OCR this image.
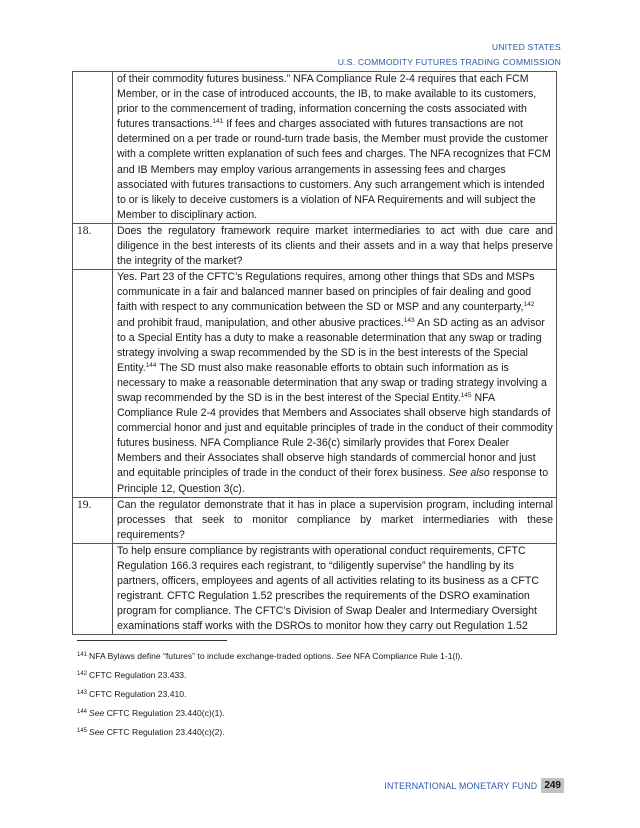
UNITED STATES
U.S. COMMODITY FUTURES TRADING COMMISSION
	of their commodity futures business.” NFA Compliance Rule 2-4 requires that each FCM Member, or in the case of introduced accounts, the IB, to make available to its customers, prior to the commencement of trading, information concerning the costs associated with futures transactions.$^{141}$ If fees and charges associated with futures transactions are not determined on a per trade or round-turn trade basis, the Member must provide the customer with a complete written explanation of such fees and charges. The NFA recognizes that FCM and IB Members may employ various arrangements in assessing fees and charges associated with futures transactions to customers. Any such arrangement which is intended to or is likely to deceive customers is a violation of NFA Requirements and will subject the Member to disciplinary action.
18.	Does the regulatory framework require market intermediaries to act with due care and diligence in the best interests of its clients and their assets and in a way that helps preserve the integrity of the market?
	Yes. Part 23 of the CFTC’s Regulations requires, among other things that SDs and MSPs communicate in a fair and balanced manner based on principles of fair dealing and good faith with respect to any communication between the SD or MSP and any counterparty,$^{142}$ and prohibit fraud, manipulation, and other abusive practices.$^{143}$ An SD acting as an advisor to a Special Entity has a duty to make a reasonable determination that any swap or trading strategy involving a swap recommended by the SD is in the best interests of the Special Entity.$^{144}$ The SD must also make reasonable efforts to obtain such information as is necessary to make a reasonable determination that any swap or trading strategy involving a swap recommended by the SD is in the best interest of the Special Entity.$^{145}$ NFA Compliance Rule 2-4 provides that Members and Associates shall observe high standards of commercial honor and just and equitable principles of trade in the conduct of their commodity futures business. NFA Compliance Rule 2-36(c) similarly provides that Forex Dealer Members and their Associates shall observe high standards of commercial honor and just and equitable principles of trade in the conduct of their forex business. See also response to Principle 12, Question 3(c).
19.	Can the regulator demonstrate that it has in place a supervision program, including internal processes that seek to monitor compliance by market intermediaries with these requirements?
	To help ensure compliance by registrants with operational conduct requirements, CFTC Regulation 166.3 requires each registrant, to “diligently supervise” the handling by its partners, officers, employees and agents of all activities relating to its business as a CFTC registrant. CFTC Regulation 1.52 prescribes the requirements of the DSRO examination program for compliance. The CFTC’s Division of Swap Dealer and Intermediary Oversight examinations staff works with the DSROs to monitor how they carry out Regulation 1.52
$^{141}$ NFA Bylaws define “futures” to include exchange-traded options. See NFA Compliance Rule 1-1(l).
$^{142}$ CFTC Regulation 23.433.
$^{143}$ CFTC Regulation 23.410.
$^{144}$ See CFTC Regulation 23.440(c)(1).
$^{145}$ See CFTC Regulation 23.440(c)(2).
INTERNATIONAL MONETARY FUND 249
